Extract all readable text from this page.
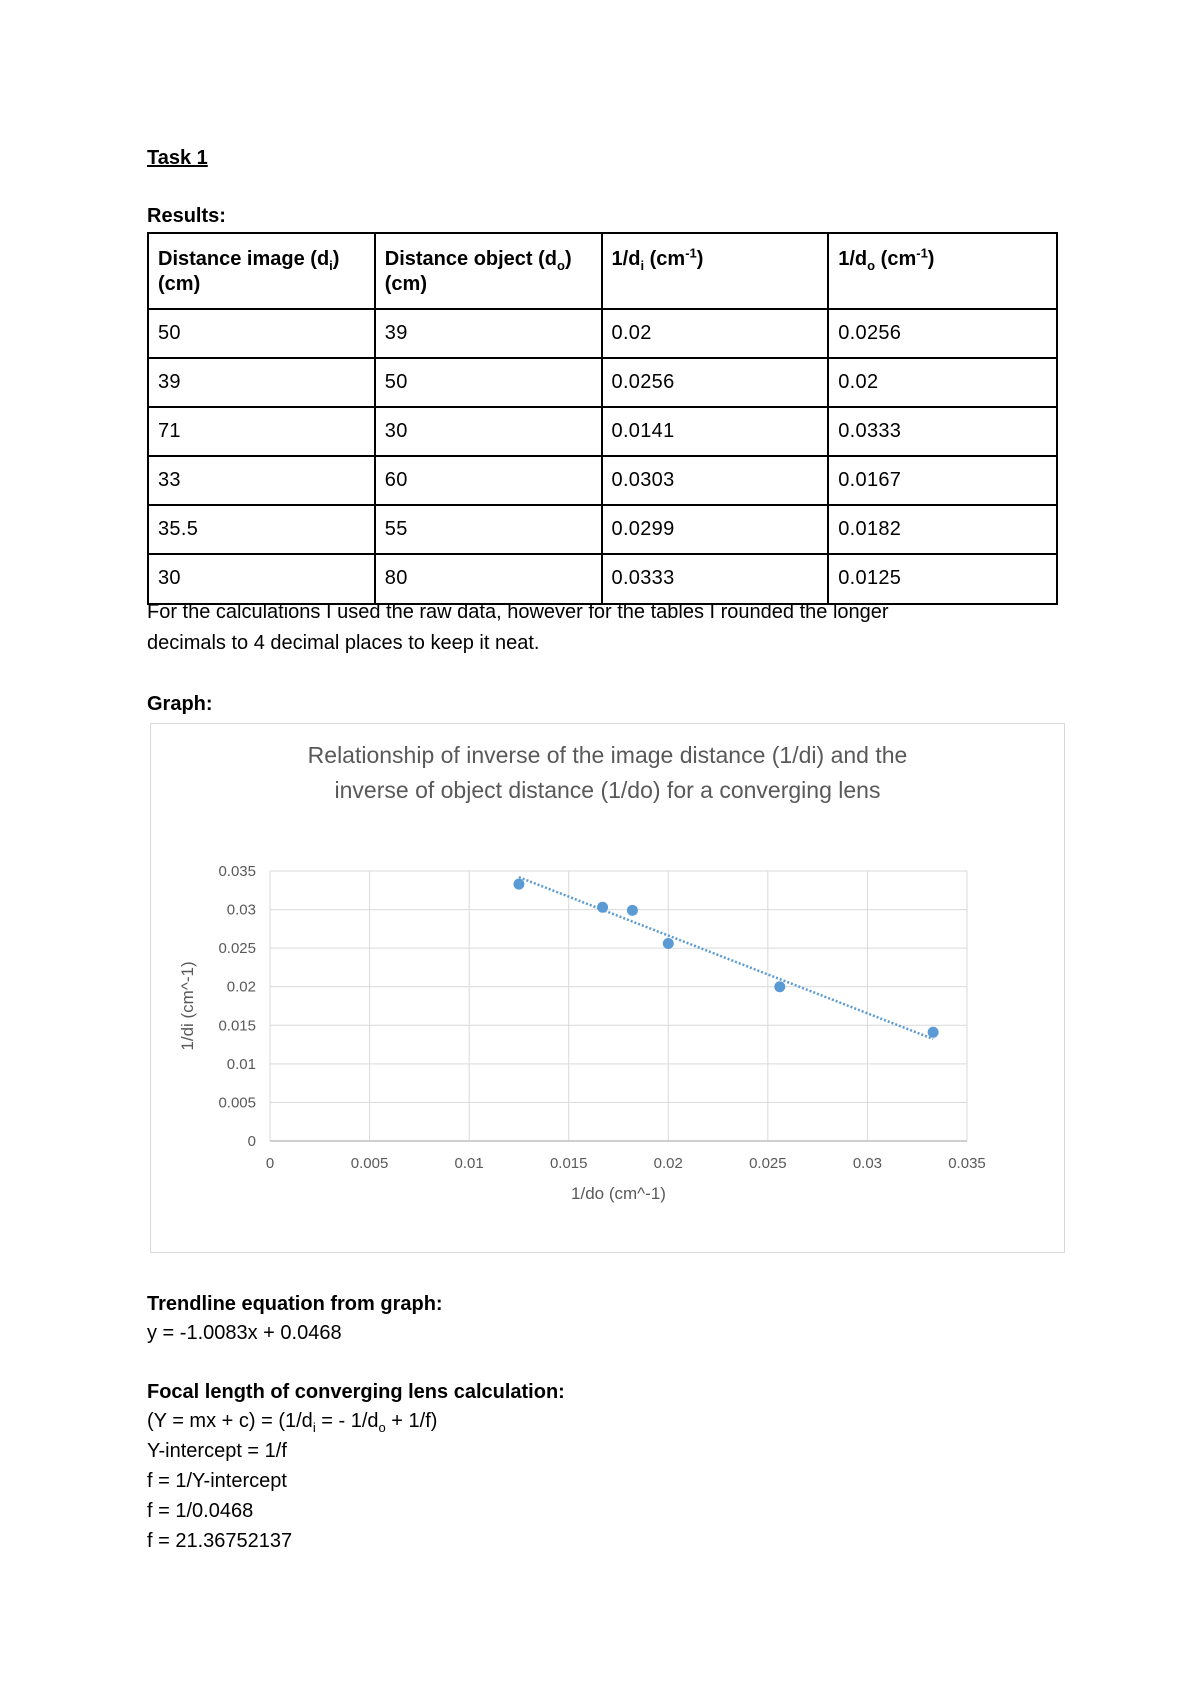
Task 1
Results:
Distance image $(d_i)$ (cm)	Distance object $(d_o)$ (cm)	$1/d_i$ $(cm^{-1})$	$1/d_o$ $(cm^{-1})$
50	39	0.02	0.0256
39	50	0.0256	0.02
71	30	0.0141	0.0333
33	60	0.0303	0.0167
35.5	55	0.0299	0.0182
30	80	0.0333	0.0125
For the calculations I used the raw data, however for the tables I rounded the longer
decimals to 4 decimal places to keep it neat.
Graph:
Relationship of inverse of the image distance (1/di) and the
inverse of object distance (1/do) for a converging lens
0
0
0.005
0.005
0.01
0.01
0.015
0.015
0.02
0.02
0.025
0.025
0.03
0.03
0.035
0.035
1/do (cm^-1)
1/di (cm^-1)
Trendline equation from graph:
y = -1.0083x + 0.0468
Focal length of converging lens calculation:
(Y = mx + $c) = (1/d_i$ = - $1/d_o + 1/f$)
Y-intercept = 1/f
f = 1/Y-intercept
f = 1/0.0468
f = 21.36752137
